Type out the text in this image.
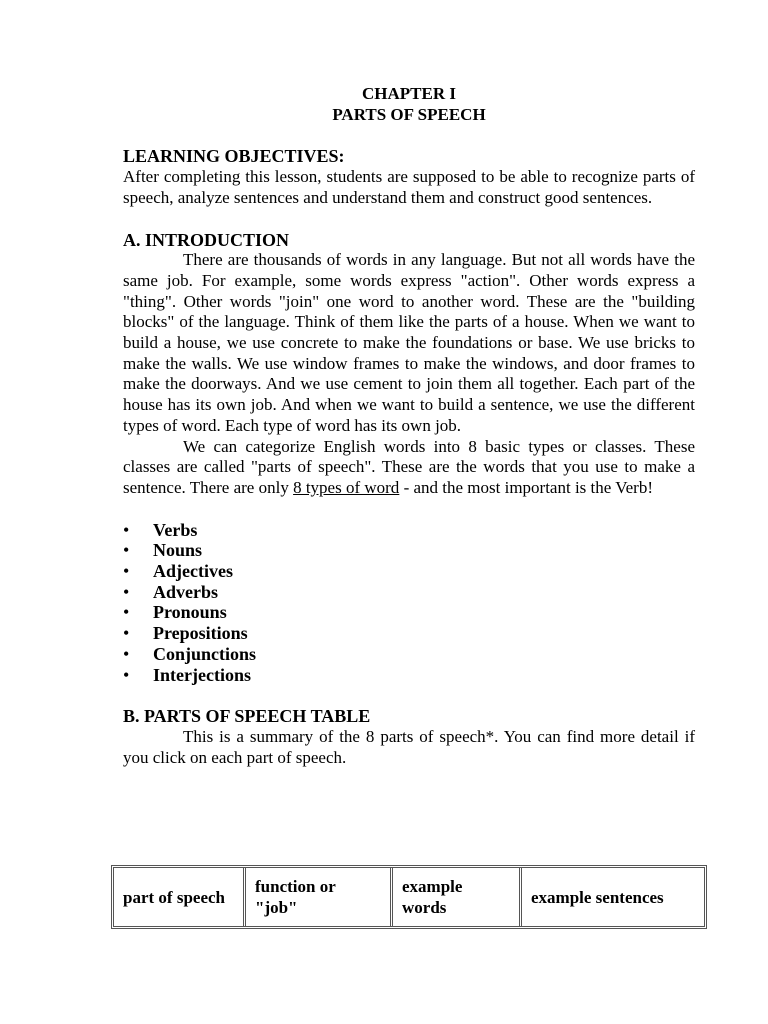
CHAPTER I

PARTS OF SPEECH

LEARNING OBJECTIVES:

After completing this lesson, students are supposed to be able to recognize parts of speech, analyze sentences and understand them and construct good sentences.

A. INTRODUCTION

There are thousands of words in any language. But not all words have the same job. For example, some words express "action". Other words express a "thing". Other words "join" one word to another word. These are the "building blocks" of the language. Think of them like the parts of a house. When we want to build a house, we use concrete to make the foundations or base. We use bricks to make the walls. We use window frames to make the windows, and door frames to make the doorways. And we use cement to join them all together. Each part of the house has its own job. And when we want to build a sentence, we use the different types of word. Each type of word has its own job.

We can categorize English words into 8 basic types or classes. These classes are called "parts of speech". These are the words that you use to make a sentence. There are only 8 types of word - and the most important is the Verb!

• Verbs
• Nouns
• Adjectives
• Adverbs
• Pronouns
• Prepositions
• Conjunctions
• Interjections

B. PARTS OF SPEECH TABLE

This is a summary of the 8 parts of speech*. You can find more detail if you click on each part of speech.

part of speech	function or "job"	example words	example sentences
